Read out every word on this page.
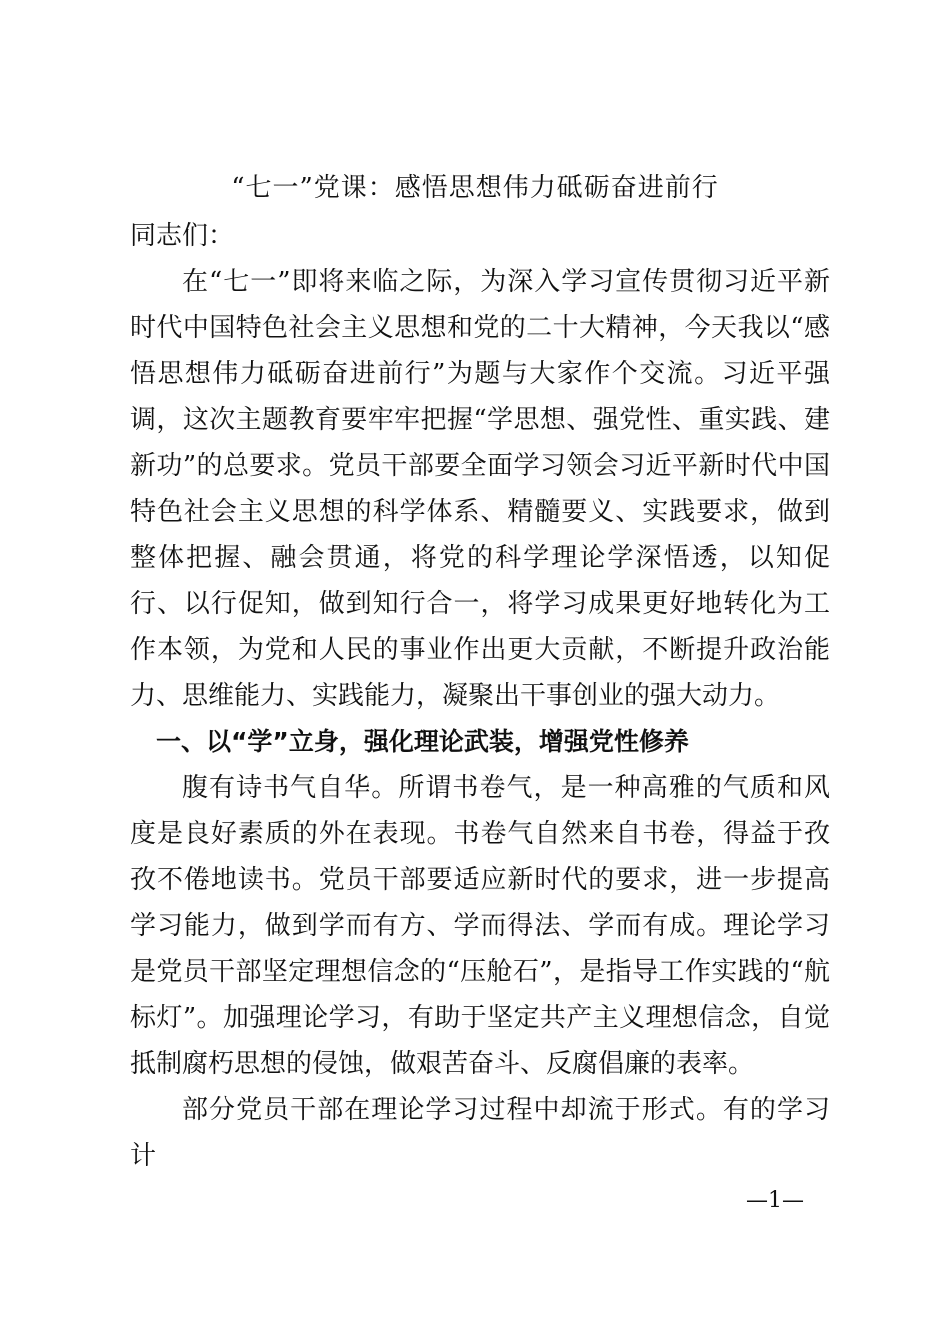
“七一”党课：感悟思想伟力砥砺奋进前行

同志们：

在“七一”即将来临之际，为深入学习宣传贯彻习近平新时代中国特色社会主义思想和党的二十大精神，今天我以“感悟思想伟力砥砺奋进前行”为题与大家作个交流。习近平强调，这次主题教育要牢牢把握“学思想、强党性、重实践、建新功”的总要求。党员干部要全面学习领会习近平新时代中国特色社会主义思想的科学体系、精髓要义、实践要求，做到整体把握、融会贯通，将党的科学理论学深悟透，以知促行、以行促知，做到知行合一，将学习成果更好地转化为工作本领，为党和人民的事业作出更大贡献，不断提升政治能力、思维能力、实践能力，凝聚出干事创业的强大动力。

一、以“学”立身，强化理论武装，增强党性修养

腹有诗书气自华。所谓书卷气，是一种高雅的气质和风度是良好素质的外在表现。书卷气自然来自书卷，得益于孜孜不倦地读书。党员干部要适应新时代的要求，进一步提高学习能力，做到学而有方、学而得法、学而有成。理论学习是党员干部坚定理想信念的“压舱石”，是指导工作实践的“航标灯”。加强理论学习，有助于坚定共产主义理想信念，自觉抵制腐朽思想的侵蚀，做艰苦奋斗、反腐倡廉的表率。

部分党员干部在理论学习过程中却流于形式。有的学习计

—1—
